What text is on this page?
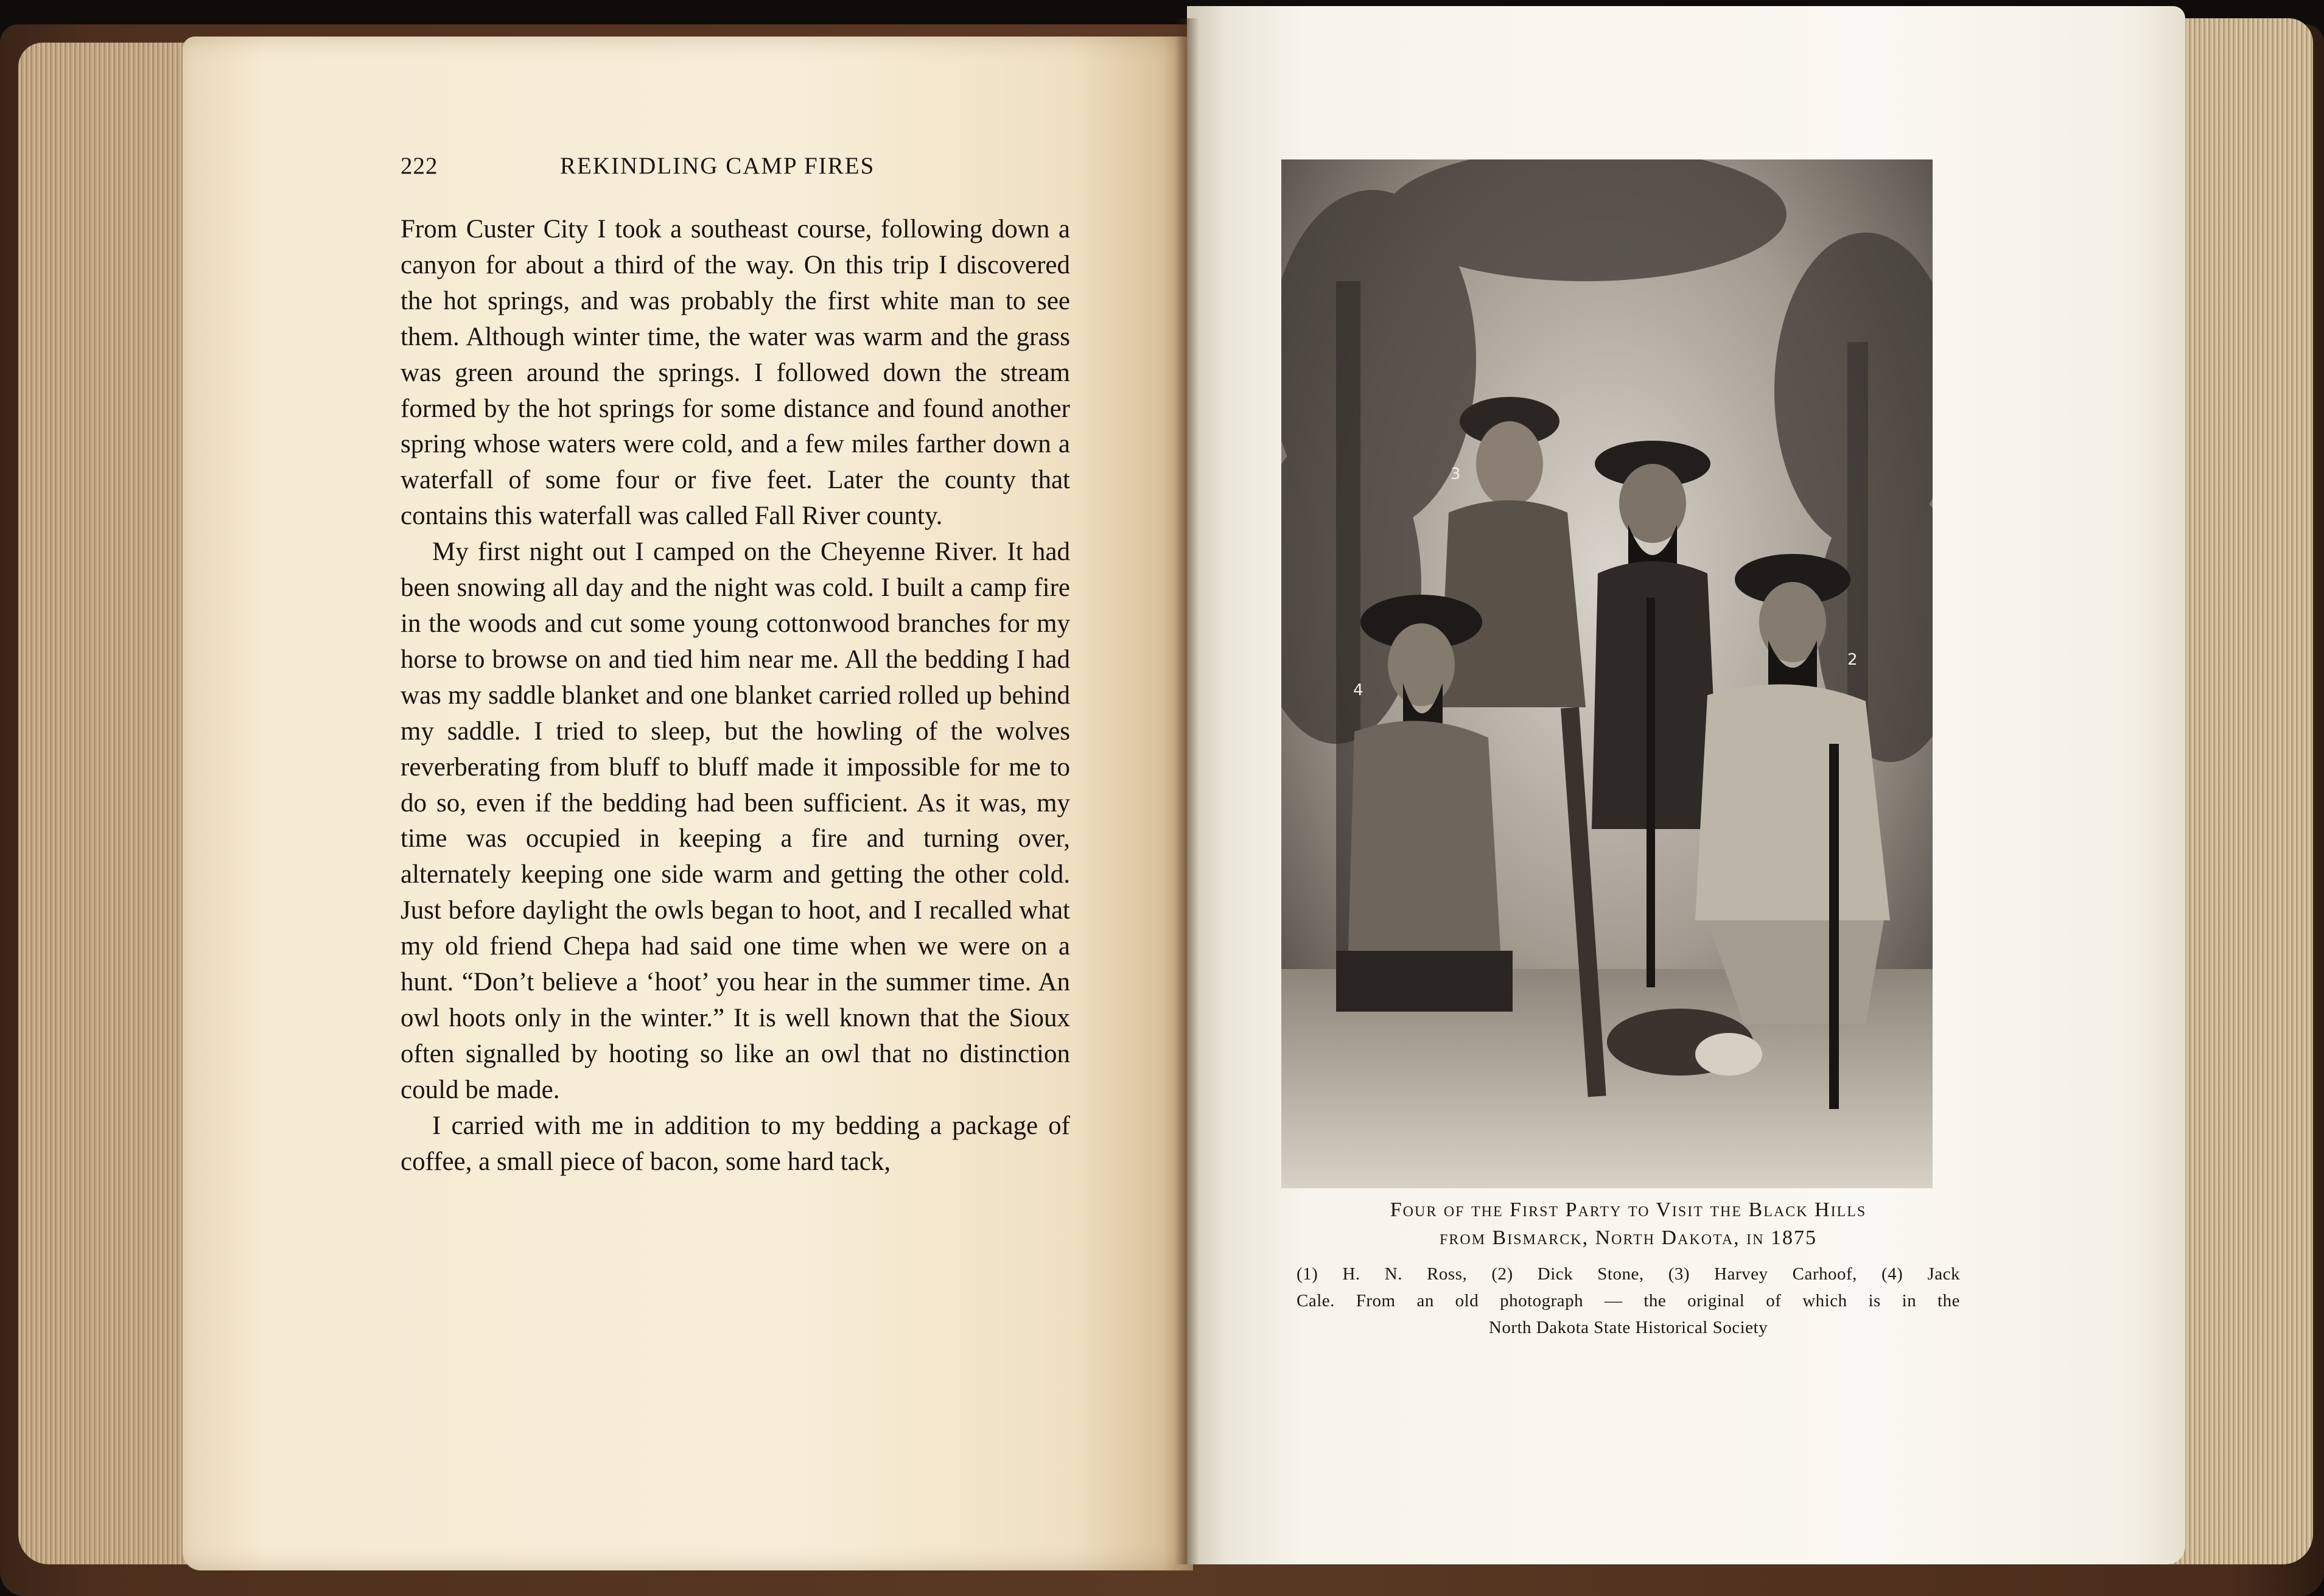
222	REKINDLING CAMP FIRES

From Custer City I took a southeast course, following down a canyon for about a third of the way. On this trip I discovered the hot springs, and was probably the first white man to see them. Although winter time, the water was warm and the grass was green around the springs. I followed down the stream formed by the hot springs for some distance and found another spring whose waters were cold, and a few miles farther down a waterfall of some four or five feet. Later the county that contains this waterfall was called Fall River county.

My first night out I camped on the Cheyenne River. It had been snowing all day and the night was cold. I built a camp fire in the woods and cut some young cottonwood branches for my horse to browse on and tied him near me. All the bedding I had was my saddle blanket and one blanket carried rolled up behind my saddle. I tried to sleep, but the howling of the wolves reverberating from bluff to bluff made it impossible for me to do so, even if the bedding had been sufficient. As it was, my time was occupied in keeping a fire and turning over, alternately keeping one side warm and getting the other cold. Just before daylight the owls began to hoot, and I recalled what my old friend Chepa had said one time when we were on a hunt. “Don’t believe a ‘hoot’ you hear in the summer time. An owl hoots only in the winter.” It is well known that the Sioux often signalled by hooting so like an owl that no distinction could be made.

I carried with me in addition to my bedding a package of coffee, a small piece of bacon, some hard tack,

3
4
2
Four of the First Party to Visit the Black Hills
from Bismarck, North Dakota, in 1875
(1) H. N. Ross, (2) Dick Stone, (3) Harvey Carhoof, (4) Jack
Cale. From an old photograph — the original of which is in the
North Dakota State Historical Society
